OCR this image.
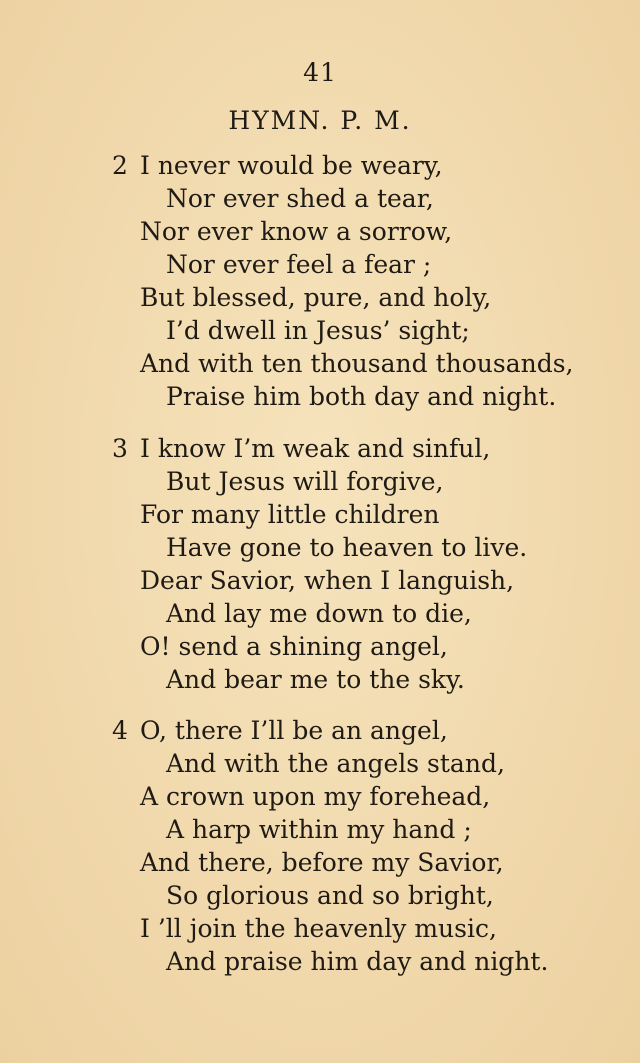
41
HYMN. P. M.
2 I never would be weary,
Nor ever shed a tear,
Nor ever know a sorrow,
Nor ever feel a fear ;
But blessed, pure, and holy,
I’d dwell in Jesus’ sight;
And with ten thousand thousands,
Praise him both day and night.
3 I know I’m weak and sinful,
But Jesus will forgive,
For many little children
Have gone to heaven to live.
Dear Savior, when I languish,
And lay me down to die,
O! send a shining angel,
And bear me to the sky.
4 O, there I’ll be an angel,
And with the angels stand,
A crown upon my forehead,
A harp within my hand ;
And there, before my Savior,
So glorious and so bright,
I ’ll join the heavenly music,
And praise him day and night.
